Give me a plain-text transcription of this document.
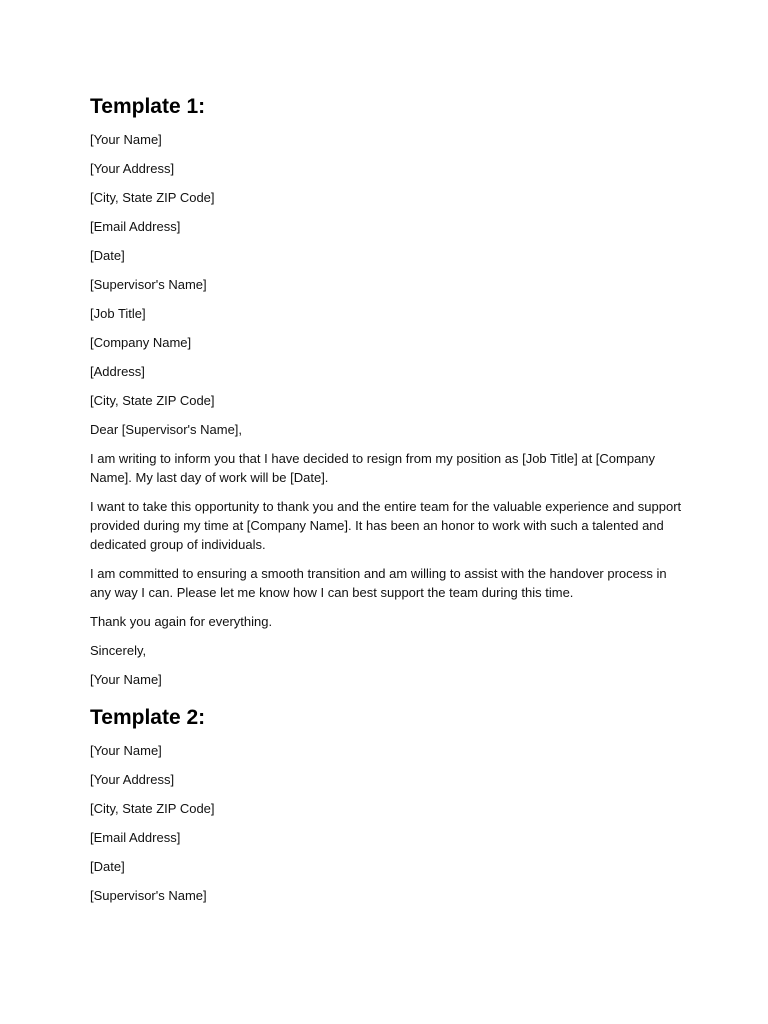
Template 1:
[Your Name]
[Your Address]
[City, State ZIP Code]
[Email Address]
[Date]
[Supervisor's Name]
[Job Title]
[Company Name]
[Address]
[City, State ZIP Code]
Dear [Supervisor's Name],
I am writing to inform you that I have decided to resign from my position as [Job Title] at [Company Name]. My last day of work will be [Date].
I want to take this opportunity to thank you and the entire team for the valuable experience and support provided during my time at [Company Name]. It has been an honor to work with such a talented and dedicated group of individuals.
I am committed to ensuring a smooth transition and am willing to assist with the handover process in any way I can. Please let me know how I can best support the team during this time.
Thank you again for everything.
Sincerely,
[Your Name]
Template 2:
[Your Name]
[Your Address]
[City, State ZIP Code]
[Email Address]
[Date]
[Supervisor's Name]
